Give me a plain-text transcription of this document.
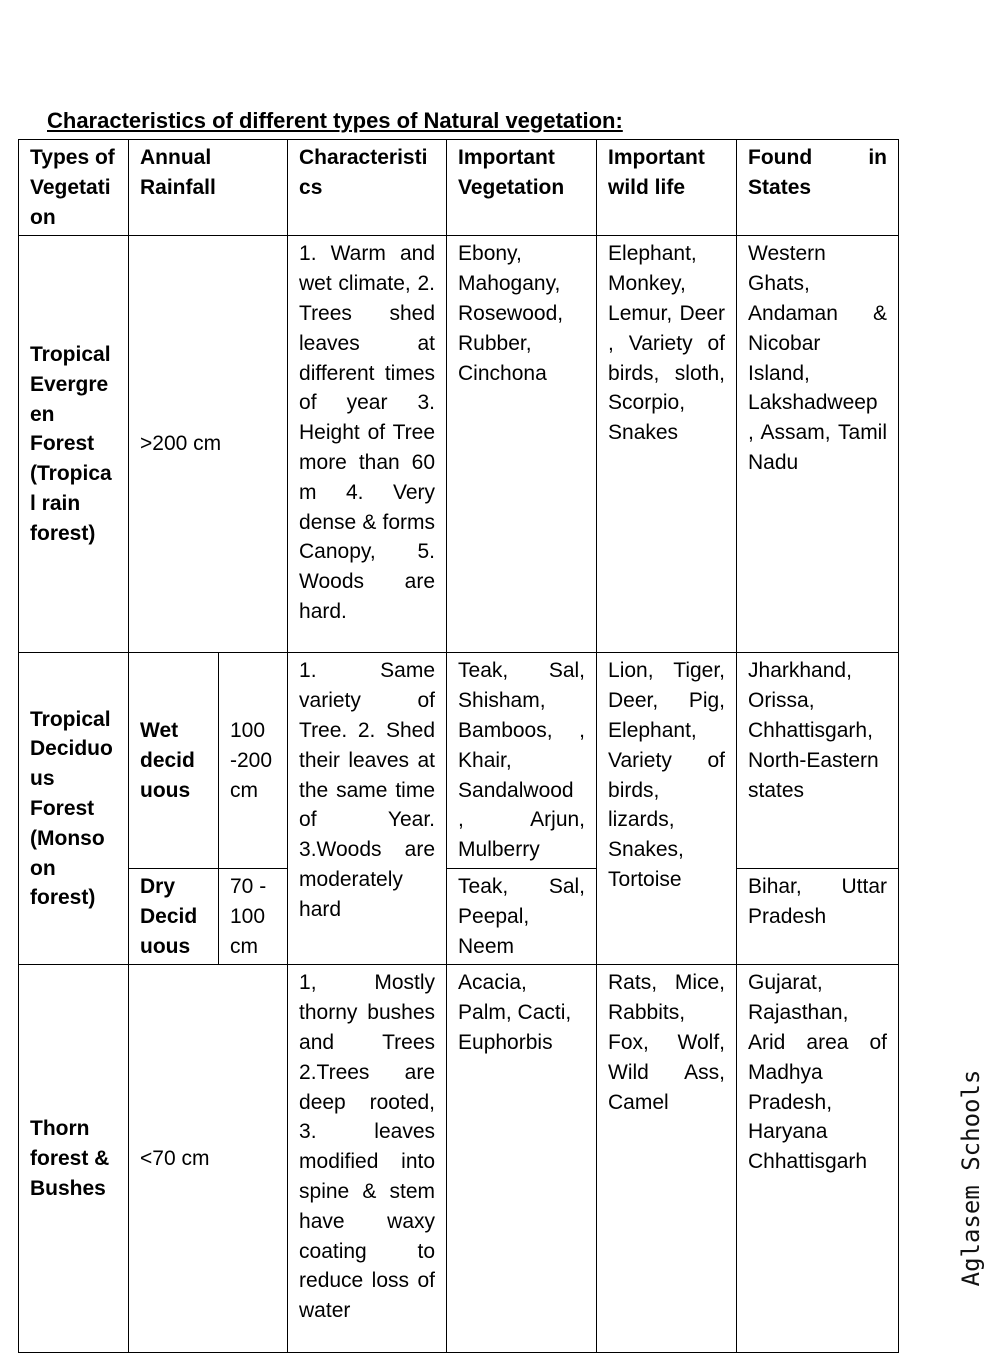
Characteristics of different types of Natural vegetation:
Types of Vegetation	Annual Rainfall		Characteristics	Important Vegetation	Important wild life	Found in States
Tropical Evergreen Forest (Tropical rain forest)	>200 cm		1. Warm and wet climate, 2. Trees shed leaves at different times of year 3. Height of Tree more than 60 m 4. Very dense & forms Canopy, 5. Woods are hard.	Ebony, Mahogany, Rosewood, Rubber, Cinchona	Elephant, Monkey, Lemur, Deer , Variety of birds, sloth, Scorpio, Snakes	Western Ghats, Andaman & Nicobar Island, Lakshadweep , Assam, Tamil Nadu
Tropical Deciduous Forest (Monsoon forest)	Wet deciduous	100 -200 cm	1. Same variety of Tree. 2. Shed their leaves at the same time of Year. 3.Woods are moderately hard	Teak, Sal, Shisham, Bamboos, , Khair, Sandalwood , Arjun, Mulberry	Lion, Tiger, Deer, Pig, Elephant, Variety of birds, lizards, Snakes, Tortoise	Jharkhand, Orissa, Chhattisgarh, North-Eastern states
	Dry Deciduous	70 - 100 cm		Teak, Sal, Peepal, Neem		Bihar, Uttar Pradesh
Thorn forest & Bushes	<70 cm		1, Mostly thorny bushes and Trees 2.Trees are deep rooted, 3. leaves modified into spine & stem have waxy coating to reduce loss of water	Acacia, Palm, Cacti, Euphorbis	Rats, Mice, Rabbits, Fox, Wolf, Wild Ass, Camel	Gujarat, Rajasthan, Arid area of Madhya Pradesh, Haryana Chhattisgarh	Aglasem Schools
